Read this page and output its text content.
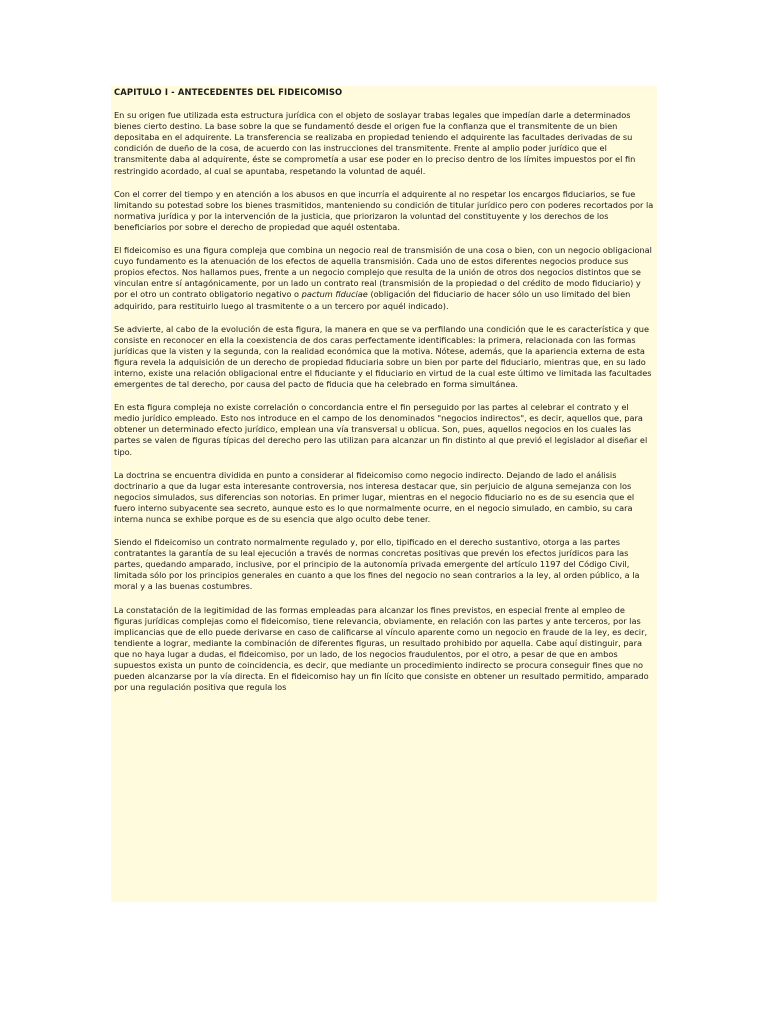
CAPITULO I - ANTECEDENTES DEL FIDEICOMISO

En su origen fue utilizada esta estructura jurídica con el objeto de soslayar trabas legales que impedían darle a determinados bienes cierto destino. La base sobre la que se fundamentó desde el origen fue la confianza que el transmitente de un bien depositaba en el adquirente. La transferencia se realizaba en propiedad teniendo el adquirente las facultades derivadas de su condición de dueño de la cosa, de acuerdo con las instrucciones del transmitente. Frente al amplio poder jurídico que el transmitente daba al adquirente, éste se comprometía a usar ese poder en lo preciso dentro de los límites impuestos por el fin restringido acordado, al cual se apuntaba, respetando la voluntad de aquél.

Con el correr del tiempo y en atención a los abusos en que incurría el adquirente al no respetar los encargos fiduciarios, se fue limitando su potestad sobre los bienes trasmitidos, manteniendo su condición de titular jurídico pero con poderes recortados por la normativa jurídica y por la intervención de la justicia, que priorizaron la voluntad del constituyente y los derechos de los beneficiarios por sobre el derecho de propiedad que aquél ostentaba.

El fideicomiso es una figura compleja que combina un negocio real de transmisión de una cosa o bien, con un negocio obligacional cuyo fundamento es la atenuación de los efectos de aquella transmisión. Cada uno de estos diferentes negocios produce sus propios efectos. Nos hallamos pues, frente a un negocio complejo que resulta de la unión de otros dos negocios distintos que se vinculan entre sí antagónicamente, por un lado un contrato real (transmisión de la propiedad o del crédito de modo fiduciario) y por el otro un contrato obligatorio negativo o pactum fiduciae (obligación del fiduciario de hacer sólo un uso limitado del bien adquirido, para restituirlo luego al trasmitente o a un tercero por aquél indicado).

Se advierte, al cabo de la evolución de esta figura, la manera en que se va perfilando una condición que le es característica y que consiste en reconocer en ella la coexistencia de dos caras perfectamente identificables: la primera, relacionada con las formas jurídicas que la visten y la segunda, con la realidad económica que la motiva. Nótese, además, que la apariencia externa de esta figura revela la adquisición de un derecho de propiedad fiduciaria sobre un bien por parte del fiduciario, mientras que, en su lado interno, existe una relación obligacional entre el fiduciante y el fiduciario en virtud de la cual este último ve limitada las facultades emergentes de tal derecho, por causa del pacto de fiducia que ha celebrado en forma simultánea.

En esta figura compleja no existe correlación o concordancia entre el fin perseguido por las partes al celebrar el contrato y el medio jurídico empleado. Esto nos introduce en el campo de los denominados "negocios indirectos", es decir, aquellos que, para obtener un determinado efecto jurídico, emplean una vía transversal u oblicua. Son, pues, aquellos negocios en los cuales las partes se valen de figuras típicas del derecho pero las utilizan para alcanzar un fin distinto al que previó el legislador al diseñar el tipo.

La doctrina se encuentra dividida en punto a considerar al fideicomiso como negocio indirecto. Dejando de lado el análisis doctrinario a que da lugar esta interesante controversia, nos interesa destacar que, sin perjuicio de alguna semejanza con los negocios simulados, sus diferencias son notorias. En primer lugar, mientras en el negocio fiduciario no es de su esencia que el fuero interno subyacente sea secreto, aunque esto es lo que normalmente ocurre, en el negocio simulado, en cambio, su cara interna nunca se exhibe porque es de su esencia que algo oculto debe tener.

Siendo el fideicomiso un contrato normalmente regulado y, por ello, tipificado en el derecho sustantivo, otorga a las partes contratantes la garantía de su leal ejecución a través de normas concretas positivas que prevén los efectos jurídicos para las partes, quedando amparado, inclusive, por el principio de la autonomía privada emergente del artículo 1197 del Código Civil, limitada sólo por los principios generales en cuanto a que los fines del negocio no sean contrarios a la ley, al orden público, a la moral y a las buenas costumbres.

La constatación de la legitimidad de las formas empleadas para alcanzar los fines previstos, en especial frente al empleo de figuras jurídicas complejas como el fideicomiso, tiene relevancia, obviamente, en relación con las partes y ante terceros, por las implicancias que de ello puede derivarse en caso de calificarse al vínculo aparente como un negocio en fraude de la ley, es decir, tendiente a lograr, mediante la combinación de diferentes figuras, un resultado prohibido por aquella. Cabe aquí distinguir, para que no haya lugar a dudas, el fideicomiso, por un lado, de los negocios fraudulentos, por el otro, a pesar de que en ambos supuestos exista un punto de coincidencia, es decir, que mediante un procedimiento indirecto se procura conseguir fines que no pueden alcanzarse por la vía directa. En el fideicomiso hay un fin lícito que consiste en obtener un resultado permitido, amparado por una regulación positiva que regula los
